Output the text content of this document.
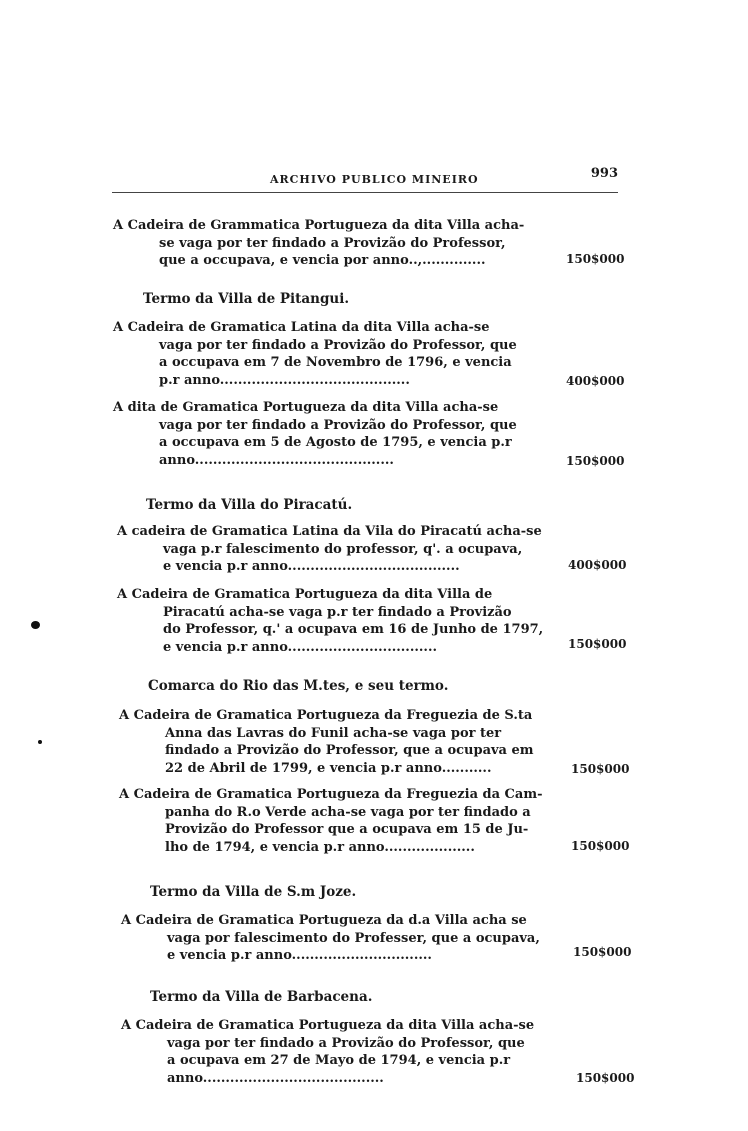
ARCHIVO PUBLICO MINEIRO	993
A Cadeira de Grammatica Portugueza da dita Villa acha-
se vaga por ter findado a Provizão do Professor,
que a occupava, e vencia por anno..,..............	150$000
Termo da Villa de Pitangui.
A Cadeira de Gramatica Latina da dita Villa acha-se
vaga por ter findado a Provizão do Professor, que
a occupava em 7 de Novembro de 1796, e vencia
p.r anno..........................................	400$000
A dita de Gramatica Portugueza da dita Villa acha-se
vaga por ter findado a Provizão do Professor, que
a occupava em 5 de Agosto de 1795, e vencia p.r
anno............................................	150$000
Termo da Villa do Piracatú.
A cadeira de Gramatica Latina da Vila do Piracatú acha-se
vaga p.r falescimento do professor, q'. a ocupava,
e vencia p.r anno......................................	400$000
A Cadeira de Gramatica Portugueza da dita Villa de
Piracatú acha-se vaga p.r ter findado a Provizão
do Professor, q.' a ocupava em 16 de Junho de 1797,
e vencia p.r anno.................................	150$000
Comarca do Rio das M.tes, e seu termo.
A Cadeira de Gramatica Portugueza da Freguezia de S.ta
Anna das Lavras do Funil acha-se vaga por ter
findado a Provizão do Professor, que a ocupava em
22 de Abril de 1799, e vencia p.r anno...........	150$000
A Cadeira de Gramatica Portugueza da Freguezia da Cam-
panha do R.o Verde acha-se vaga por ter findado a
Provizão do Professor que a ocupava em 15 de Ju-
lho de 1794, e vencia p.r anno....................	150$000
Termo da Villa de S.m Joze.
A Cadeira de Gramatica Portugueza da d.a Villa acha se
vaga por falescimento do Professer, que a ocupava,
e vencia p.r anno...............................	150$000
Termo da Villa de Barbacena.
A Cadeira de Gramatica Portugueza da dita Villa acha-se
vaga por ter findado a Provizão do Professor, que
a ocupava em 27 de Mayo de 1794, e vencia p.r
anno........................................	150$000
